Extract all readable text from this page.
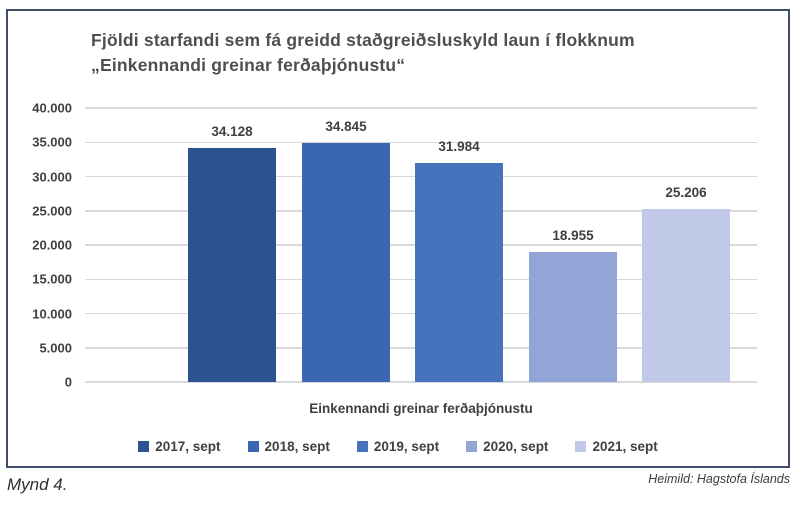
Fjöldi starfandi sem fá greidd staðgreiðsluskyld laun í flokknum
„Einkennandi greinar ferðaþjónustu“
40.000
35.000
30.000
25.000
20.000
15.000
10.000
5.000
0
34.128	34.845
31.984
18.955
25.206
Einkennandi greinar ferðaþjónustu
2017, sept	2018, sept	2019, sept	2020, sept	2021, sept
Mynd 4.	Heimild: Hagstofa Íslands
